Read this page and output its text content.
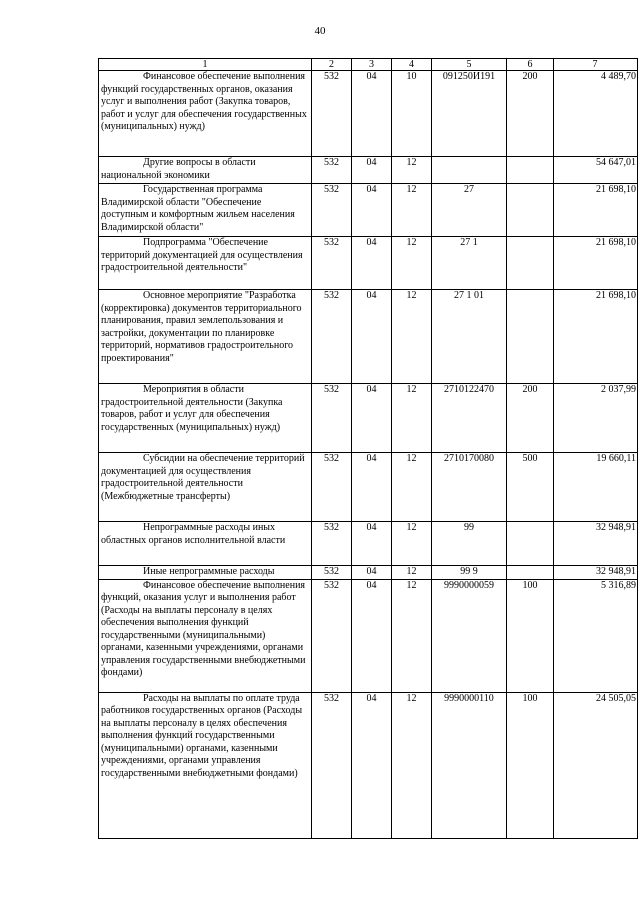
40
1	2	3	4	5	6	7
Финансовое обеспечение выполнения функций государственных органов, оказания услуг и выполнения работ (Закупка товаров, работ и услуг для обеспечения государственных (муниципальных) нужд)	532	04	10	091250И191	200	4 489,70
Другие вопросы в области национальной экономики	532	04	12			54 647,01
Государственная программа Владимирской области "Обеспечение доступным и комфортным жильем населения Владимирской области"	532	04	12	27		21 698,10
Подпрограмма "Обеспечение территорий документацией для осуществления градостроительной деятельности"	532	04	12	27 1		21 698,10
Основное мероприятие "Разработка (корректировка) документов территориального планирования, правил землепользования и застройки, документации по планировке территорий, нормативов градостроительного проектирования"	532	04	12	27 1 01		21 698,10
Мероприятия в области градостроительной деятельности (Закупка товаров, работ и услуг для обеспечения государственных (муниципальных) нужд)	532	04	12	2710122470	200	2 037,99
Субсидии на обеспечение территорий документацией для осуществления градостроительной деятельности (Межбюджетные трансферты)	532	04	12	2710170080	500	19 660,11
Непрограммные расходы иных областных органов исполнительной власти	532	04	12	99		32 948,91
Иные непрограммные расходы	532	04	12	99 9		32 948,91
Финансовое обеспечение выполнения функций, оказания услуг и выполнения работ (Расходы на выплаты персоналу в целях обеспечения выполнения функций государственными (муниципальными) органами, казенными учреждениями, органами управления государственными внебюджетными фондами)	532	04	12	9990000059	100	5 316,89
Расходы на выплаты по оплате труда работников государственных органов (Расходы на выплаты персоналу в целях обеспечения выполнения функций государственными (муниципальными) органами, казенными учреждениями, органами управления государственными внебюджетными фондами)	532	04	12	9990000110	100	24 505,05
